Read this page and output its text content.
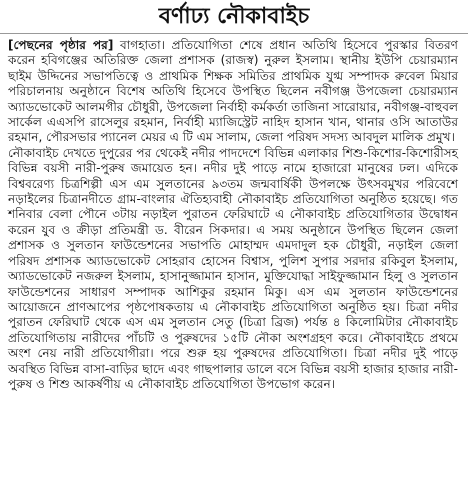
বর্ণাঢ্য নৌকাবাইচ

[পেছনের পৃষ্ঠার পর] বাগহাতা। প্রতিযোগিতা শেষে প্রধান অতিথি হিসেবে পুরস্কার বিতরণ করেন হবিগঞ্জের অতিরিক্ত জেলা প্রশাসক (রাজস্ব) নুরুল ইসলাম। স্থানীয় ইউপি চেয়ারম্যান ছাইম উদ্দিনের সভাপতিত্বে ও প্রাথমিক শিক্ষক সমিতির প্রাথমিক যুগ্ম সম্পাদক রুবেল মিয়ার পরিচালনায় অনুষ্ঠানে বিশেষ অতিথি হিসেবে উপস্থিত ছিলেন নবীগঞ্জ উপজেলা চেয়ারম্যান অ্যাডভোকেট আলমগীর চৌধুরী, উপজেলা নির্বাহী কর্মকর্তা তাজিনা সারোয়ার, নবীগঞ্জ-বাহুবল সার্কেল এএসপি রাসেলুর রহমান, নির্বাহী ম্যাজিস্ট্রেট নাহিদ হাসান খান, থানার ওসি আতাউর রহমান, পৌরসভার প্যানেল মেয়র এ টি এম সালাম, জেলা পরিষদ সদস্য আবদুল মালিক প্রমুখ।

নৌকাবাইচ দেখতে দুপুরের পর থেকেই নদীর পাদদেশে বিভিন্ন এলাকার শিশু-কিশোর-কিশোরীসহ বিভিন্ন বয়সী নারী-পুরুষ জমায়েত হন। নদীর দুই পাড়ে নামে হাজারো মানুষের ঢল। এদিকে বিশ্ববরেণ্য চিত্রশিল্পী এস এম সুলতানের ৯৩তম জন্মবার্ষিকী উপলক্ষে উৎসবমুখর পরিবেশে নড়াইলের চিত্রানদীতে গ্রাম-বাংলার ঐতিহ্যবাহী নৌকাবাইচ প্রতিযোগিতা অনুষ্ঠিত হয়েছে। গত শনিবার বেলা পৌনে ৩টায় নড়াইল পুরাতন ফেরিঘাটে এ নৌকাবাইচ প্রতিযোগিতার উদ্বোধন করেন যুব ও ক্রীড়া প্রতিমন্ত্রী ড. বীরেন সিকদার। এ সময় অনুষ্ঠানে উপস্থিত ছিলেন জেলা প্রশাসক ও সুলতান ফাউন্ডেশনের সভাপতি মোহাম্মদ এমদাদুল হক চৌধুরী, নড়াইল জেলা পরিষদ প্রশাসক অ্যাডভোকেট সোহরাব হোসেন বিশ্বাস, পুলিশ সুপার সরদার রকিবুল ইসলাম, অ্যাডভোকেট নজরুল ইসলাম, হাসানুজ্জামান হাসান, মুক্তিযোদ্ধা সাইফুজ্জামান হিলু ও সুলতান ফাউন্ডেশনের সাধারণ সম্পাদক আশিকুর রহমান মিকু। এস এম সুলতান ফাউন্ডেশনের আয়োজনে প্রাণআপের পৃষ্ঠপোষকতায় এ নৌকাবাইচ প্রতিযোগিতা অনুষ্ঠিত হয়। চিত্রা নদীর পুরাতন ফেরিঘাট থেকে এস এম সুলতান সেতু (চিত্রা ব্রিজ) পর্যন্ত ৪ কিলোমিটার নৌকাবাইচ প্রতিযোগিতায় নারীদের পাঁচটি ও পুরুষদের ১৫টি নৌকা অংশগ্রহণ করে। নৌকাবাইচে প্রথমে অংশ নেয় নারী প্রতিযোগীরা। পরে শুরু হয় পুরুষদের প্রতিযোগিতা। চিত্রা নদীর দুই পাড়ে অবস্থিত বিভিন্ন বাসা-বাড়ির ছাদে এবং গাছপালার ডালে বসে বিভিন্ন বয়সী হাজার হাজার নারী-পুরুষ ও শিশু আকর্ষণীয় এ নৌকাবাইচ প্রতিযোগিতা উপভোগ করেন।
